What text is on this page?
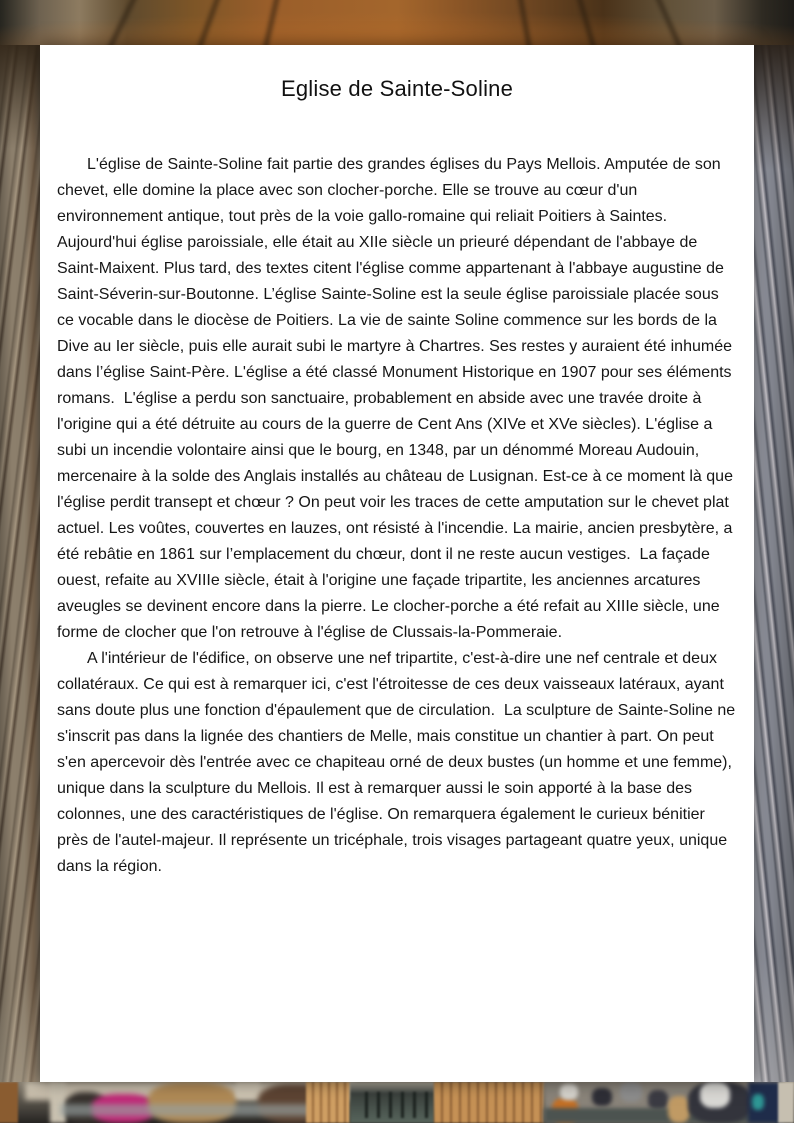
Eglise de Sainte-Soline

L'église de Sainte-Soline fait partie des grandes églises du Pays Mellois. Amputée de son chevet, elle domine la place avec son clocher-porche. Elle se trouve au cœur d'un environnement antique, tout près de la voie gallo-romaine qui reliait Poitiers à Saintes. Aujourd'hui église paroissiale, elle était au XIIe siècle un prieuré dépendant de l'abbaye de Saint-Maixent. Plus tard, des textes citent l'église comme appartenant à l'abbaye augustine de Saint-Séverin-sur-Boutonne. L’église Sainte-Soline est la seule église paroissiale placée sous ce vocable dans le diocèse de Poitiers. La vie de sainte Soline commence sur les bords de la Dive au Ier siècle, puis elle aurait subi le martyre à Chartres. Ses restes y auraient été inhumée dans l’église Saint-Père. L'église a été classé Monument Historique en 1907 pour ses éléments romans.  L'église a perdu son sanctuaire, probablement en abside avec une travée droite à l'origine qui a été détruite au cours de la guerre de Cent Ans (XIVe et XVe siècles). L'église a subi un incendie volontaire ainsi que le bourg, en 1348, par un dénommé Moreau Audouin, mercenaire à la solde des Anglais installés au château de Lusignan. Est-ce à ce moment là que l'église perdit transept et chœur ? On peut voir les traces de cette amputation sur le chevet plat actuel. Les voûtes, couvertes en lauzes, ont résisté à l'incendie. La mairie, ancien presbytère, a été rebâtie en 1861 sur l’emplacement du chœur, dont il ne reste aucun vestiges.  La façade ouest, refaite au XVIIIe siècle, était à l'origine une façade tripartite, les anciennes arcatures aveugles se devinent encore dans la pierre. Le clocher-porche a été refait au XIIIe siècle, une forme de clocher que l'on retrouve à l'église de Clussais-la-Pommeraie.

A l'intérieur de l'édifice, on observe une nef tripartite, c'est-à-dire une nef centrale et deux collatéraux. Ce qui est à remarquer ici, c'est l'étroitesse de ces deux vaisseaux latéraux, ayant sans doute plus une fonction d'épaulement que de circulation.  La sculpture de Sainte-Soline ne s'inscrit pas dans la lignée des chantiers de Melle, mais constitue un chantier à part. On peut s'en apercevoir dès l'entrée avec ce chapiteau orné de deux bustes (un homme et une femme), unique dans la sculpture du Mellois. Il est à remarquer aussi le soin apporté à la base des colonnes, une des caractéristiques de l'église. On remarquera également le curieux bénitier près de l'autel-majeur. Il représente un tricéphale, trois visages partageant quatre yeux, unique dans la région.
